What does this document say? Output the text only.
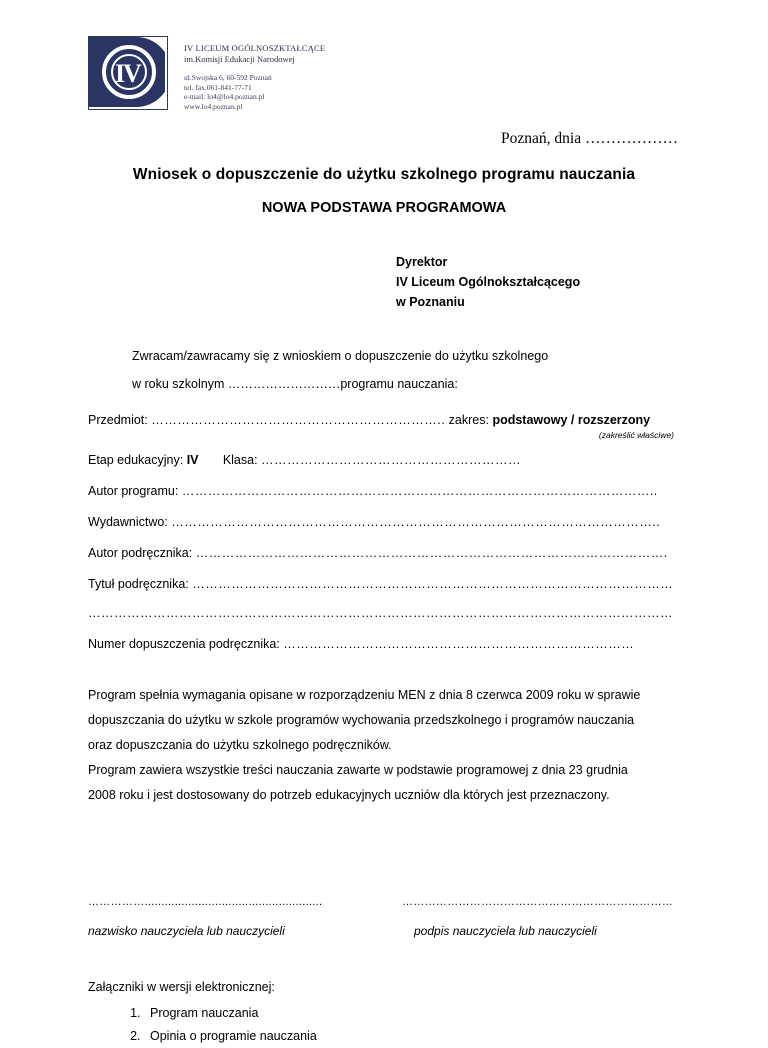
I
V
IV LICEUM OGÓLNOSZKTAŁCĄCE
im.Komisji Edukacji Narodowej
ul.Swojska 6, 60-592 Poznań
tel. fax.061-841-77-71
e-mail: lo4@lo4.poznan.pl
www.lo4.poznan.pl
Poznań, dnia ………………
Wniosek o dopuszczenie do użytku szkolnego programu nauczania
NOWA PODSTAWA PROGRAMOWA
Dyrektor
IV Liceum Ogólnokształcącego
w Poznaniu
Zwracam/zawracamy się z wnioskiem o dopuszczenie do użytku szkolnego
w roku szkolnym ………………………programu nauczania:
Przedmiot: ………………………………………………………….. zakres: podstawowy / rozszerzony
(zakreślić właściwe)
Etap edukacyjny: IV Klasa: ……………………………………………………
Autor programu: ………………………………………………………………………………………………..
Wydawnictwo: …………………………………………………………………………………………………..
Autor podręcznika: ……………………………………………………………………………………………….
Tytuł podręcznika: …………………………………………………………………………………………………
………………………………………………………………………………………………………………………
Numer dopuszczenia podręcznika: ………………………………………………………………………
Program spełnia wymagania opisane w rozporządzeniu MEN z dnia 8 czerwca 2009 roku w sprawie
dopuszczania do użytku w szkole programów wychowania przedszkolnego i programów nauczania
oraz dopuszczania do użytku szkolnego podręczników.
Program zawiera wszystkie treści nauczania zawarte w podstawie programowej z dnia 23 grudnia
2008 roku i jest dostosowany do potrzeb edukacyjnych uczniów dla których jest przeznaczony.
…………….....................................................
nazwisko nauczyciela lub nauczycieli
………………………………………………………………
podpis nauczyciela lub nauczycieli
Załączniki w wersji elektronicznej:
1. Program nauczania
2. Opinia o programie nauczania
